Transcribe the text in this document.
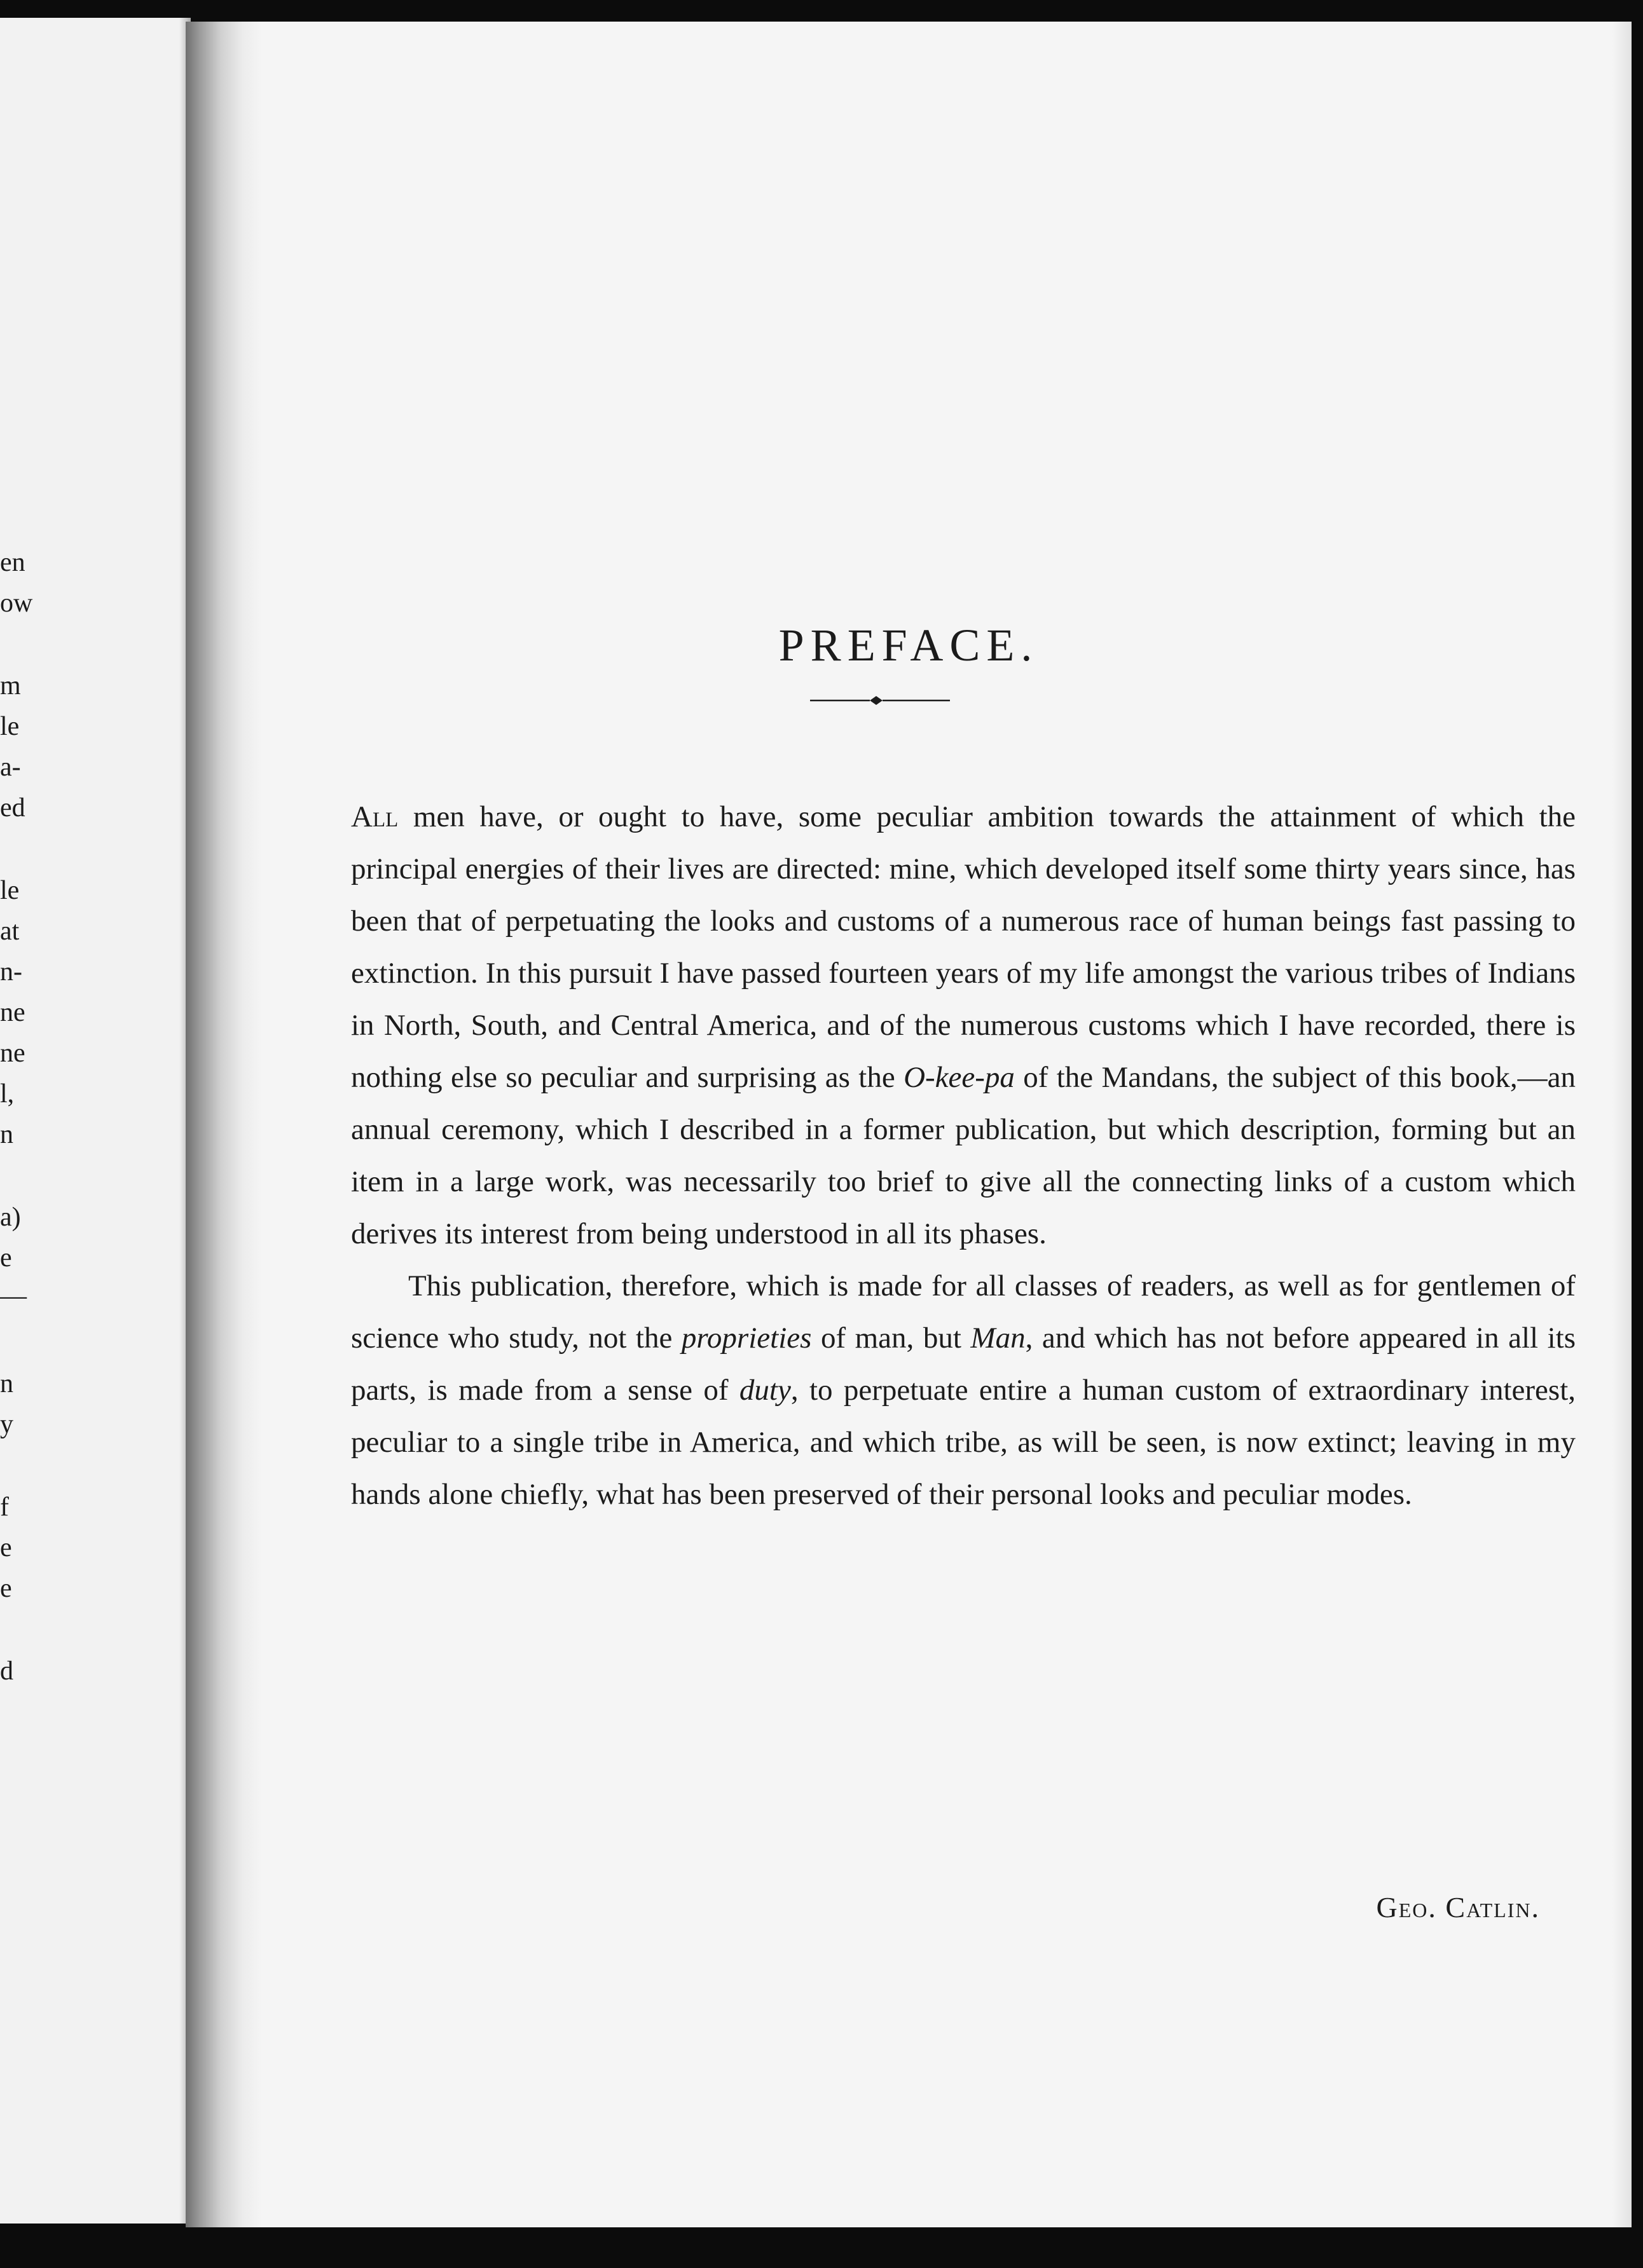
en
ow
m
le
a-
ed
le
at
n-
ne
ne
l,
n
a)
e
—
n
y
f
e
e
d
PREFACE.

All men have, or ought to have, some peculiar ambition towards the attainment of which the principal energies of their lives are directed: mine, which developed itself some thirty years since, has been that of perpetuating the looks and customs of a numerous race of human beings fast passing to extinction. In this pursuit I have passed fourteen years of my life amongst the various tribes of Indians in North, South, and Central America, and of the numerous customs which I have recorded, there is nothing else so peculiar and surprising as the O-kee-pa of the Mandans, the subject of this book,—an annual ceremony, which I described in a former publication, but which description, forming but an item in a large work, was necessarily too brief to give all the connecting links of a custom which derives its interest from being understood in all its phases.

This publication, therefore, which is made for all classes of readers, as well as for gentlemen of science who study, not the proprieties of man, but Man, and which has not before appeared in all its parts, is made from a sense of duty, to perpetuate entire a human custom of extraordinary interest, peculiar to a single tribe in America, and which tribe, as will be seen, is now extinct; leaving in my hands alone chiefly, what has been preserved of their personal looks and peculiar modes.

Geo. Catlin.
